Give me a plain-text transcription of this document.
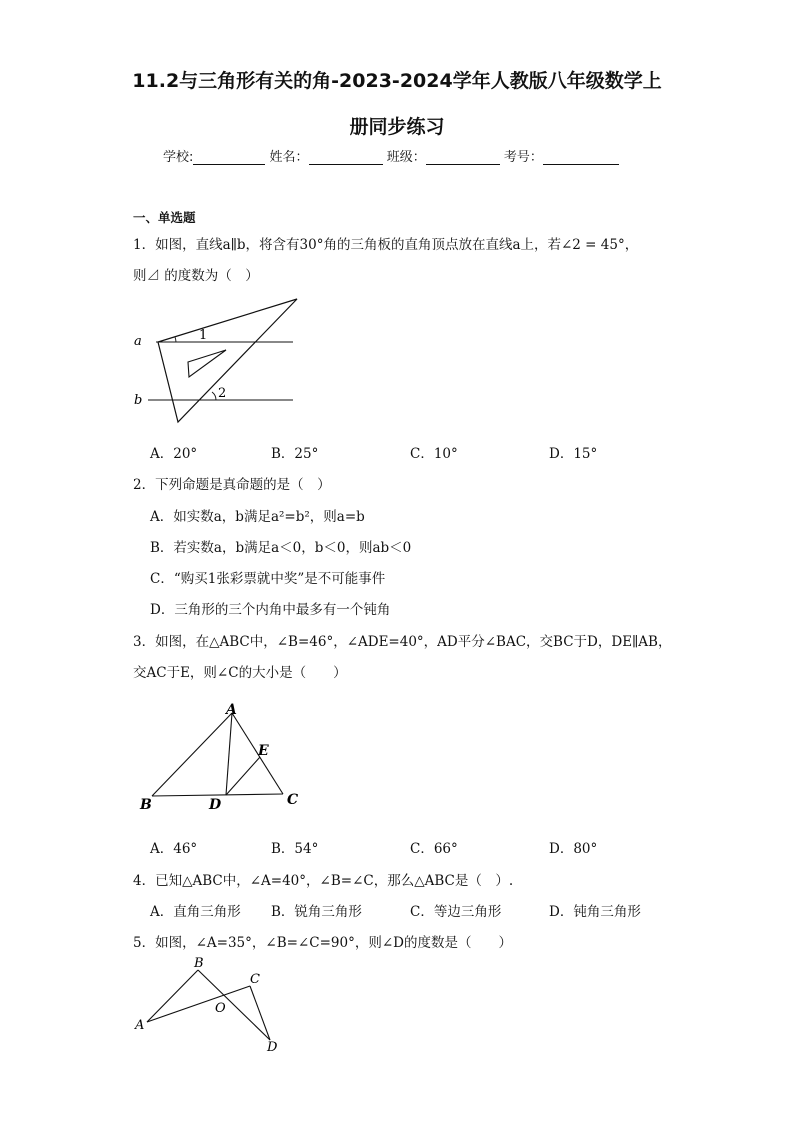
11.2与三角形有关的角-2023-2024学年人教版八年级数学上
册同步练习
学校:	姓名：	班级：	考号：
一、单选题
1．如图，直线a∥b，将含有30°角的三角板的直角顶点放在直线a上，若∠2 = 45°，
则⊿ 的度数为（　）
a
b
1
2
A．20°	B．25°	C．10°	D．15°
2．下列命题是真命题的是（　）
A．如实数a，b满足a²=b²，则a=b
B．若实数a，b满足a＜0，b＜0，则ab＜0
C．“购买1张彩票就中奖”是不可能事件
D．三角形的三个内角中最多有一个钝角
3．如图，在△ABC中，∠B=46°，∠ADE=40°，AD平分∠BAC，交BC于D，DE∥AB，
交AC于E，则∠C的大小是（　　）
A
B	C
D
E
A．46°	B．54°	C．66°	D．80°
4．已知△ABC中，∠A=40°，∠B=∠C，那么△ABC是（　）.
A．直角三角形 B．锐角三角形	C．等边三角形	D．钝角三角形
5．如图，∠A=35°，∠B=∠C=90°，则∠D的度数是（　　）
B
C
A
O
D
